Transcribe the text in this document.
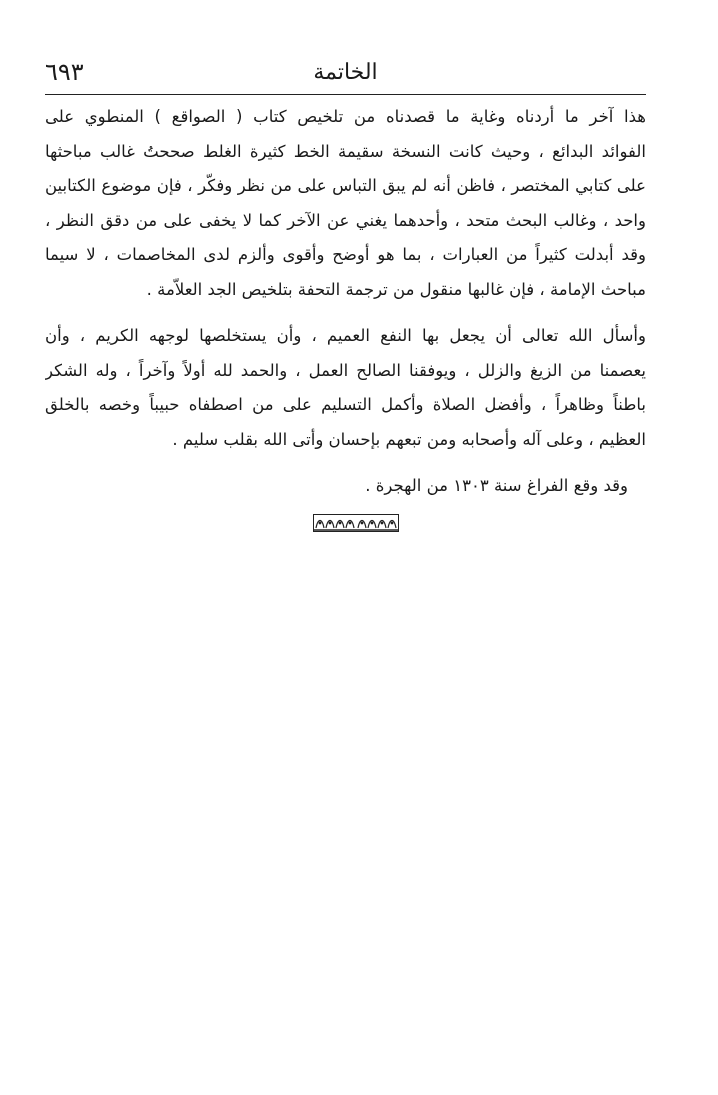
الخاتمة
٦٩٣
هذا آخر ما أردناه وغاية ما قصدناه من تلخيص كتاب ( الصواقع ) المنطوي على
الفوائد البدائع ، وحيث كانت النسخة سقيمة الخط كثيرة الغلط صححتُ غالب مباحثها
على كتابي المختصر ، فاظن أنه لم يبق التباس على من نظر وفكّر ، فإن موضوع الكتابين
واحد ، وغالب البحث متحد ، وأحدهما يغني عن الآخر كما لا يخفى على من دقق النظر ،
وقد أبدلت كثيراً من العبارات ، بما هو أوضح وأقوى وألزم لدى المخاصمات ، لا سيما
مباحث الإمامة ، فإن غالبها منقول من ترجمة التحفة بتلخيص الجد العلاّمة .
وأسأل الله تعالى أن يجعل بها النفع العميم ، وأن يستخلصها لوجهه الكريم ، وأن
يعصمنا من الزيغ والزلل ، ويوفقنا الصالح العمل ، والحمد لله أولاً وآخراً ، وله الشكر
باطناً وظاهراً ، وأفضل الصلاة وأكمل التسليم على من اصطفاه حبيباً وخصه بالخلق
العظيم ، وعلى آله وأصحابه ومن تبعهم بإحسان وأتى الله بقلب سليم .
وقد وقع الفراغ سنة ١٣٠٣ من الهجرة .
